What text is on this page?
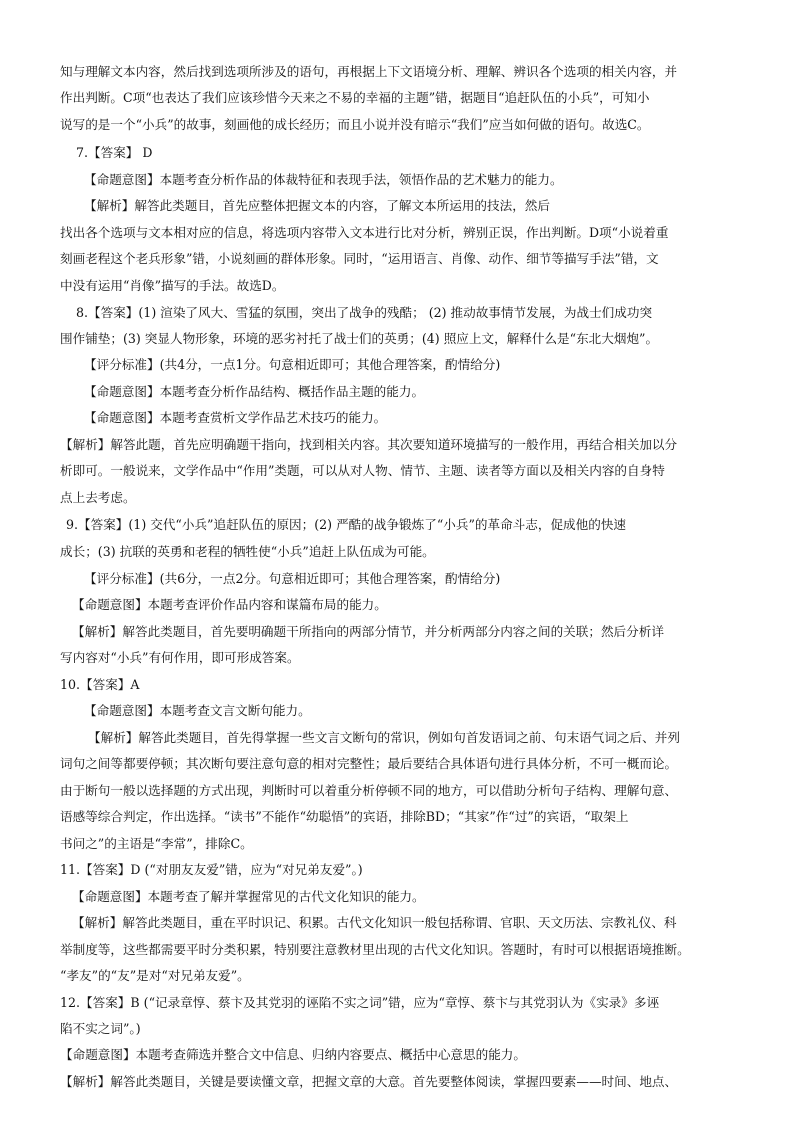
知与理解文本内容，然后找到选项所涉及的语句，再根据上下文语境分析、理解、辨识各个选项的相关内容，并
作出判断。C项“也表达了我们应该珍惜今天来之不易的幸福的主题”错，据题目“追赶队伍的小兵”，可知小
说写的是一个“小兵”的故事，刻画他的成长经历；而且小说并没有暗示“我们”应当如何做的语句。故选C。
7.【答案】 D
【命题意图】本题考查分析作品的体裁特征和表现手法，领悟作品的艺术魅力的能力。
【解析】解答此类题目，首先应整体把握文本的内容，了解文本所运用的技法，然后
找出各个选项与文本相对应的信息，将选项内容带入文本进行比对分析，辨别正误，作出判断。D项“小说着重
刻画老程这个老兵形象”错，小说刻画的群体形象。同时，“运用语言、肖像、动作、细节等描写手法”错，文
中没有运用“肖像”描写的手法。故选D。
8.【答案】(1) 渲染了风大、雪猛的氛围，突出了战争的残酷； (2) 推动故事情节发展，为战士们成功突
围作铺垫；(3) 突显人物形象，环境的恶劣衬托了战士们的英勇；(4) 照应上文，解释什么是“东北大烟炮”。
【评分标准】(共4分，一点1分。句意相近即可；其他合理答案，酌情给分)
【命题意图】本题考查分析作品结构、概括作品主题的能力。
【命题意图】本题考查赏析文学作品艺术技巧的能力。
【解析】解答此题，首先应明确题干指向，找到相关内容。其次要知道环境描写的一般作用，再结合相关加以分
析即可。一般说来，文学作品中“作用”类题，可以从对人物、情节、主题、读者等方面以及相关内容的自身特
点上去考虑。
9.【答案】(1) 交代“小兵”追赶队伍的原因；(2) 严酷的战争锻炼了“小兵”的革命斗志，促成他的快速
成长；(3) 抗联的英勇和老程的牺牲使“小兵”追赶上队伍成为可能。
【评分标准】(共6分，一点2分。句意相近即可；其他合理答案，酌情给分)
【命题意图】本题考查评价作品内容和谋篇布局的能力。
【解析】解答此类题目，首先要明确题干所指向的两部分情节，并分析两部分内容之间的关联；然后分析详
写内容对“小兵”有何作用，即可形成答案。
10.【答案】A
【命题意图】本题考查文言文断句能力。
【解析】解答此类题目，首先得掌握一些文言文断句的常识，例如句首发语词之前、句末语气词之后、并列
词句之间等都要停顿；其次断句要注意句意的相对完整性；最后要结合具体语句进行具体分析，不可一概而论。
由于断句一般以选择题的方式出现，判断时可以着重分析停顿不同的地方，可以借助分析句子结构、理解句意、
语感等综合判定，作出选择。“读书”不能作“幼聪悟”的宾语，排除BD；“其家”作“过”的宾语，“取架上
书问之”的主语是“李常”，排除C。
11.【答案】D (“对朋友友爱”错，应为“对兄弟友爱”。)
【命题意图】本题考查了解并掌握常见的古代文化知识的能力。
【解析】解答此类题目，重在平时识记、积累。古代文化知识一般包括称谓、官职、天文历法、宗教礼仪、科
举制度等，这些都需要平时分类积累，特别要注意教材里出现的古代文化知识。答题时，有时可以根据语境推断。
“孝友”的“友”是对“对兄弟友爱”。
12.【答案】B (“记录章惇、蔡卞及其党羽的诬陷不实之词”错，应为“章惇、蔡卞与其党羽认为《实录》多诬
陷不实之词”。)
【命题意图】本题考查筛选并整合文中信息、归纳内容要点、概括中心意思的能力。
【解析】解答此类题目，关键是要读懂文章，把握文章的大意。首先要整体阅读，掌握四要素——时间、地点、
